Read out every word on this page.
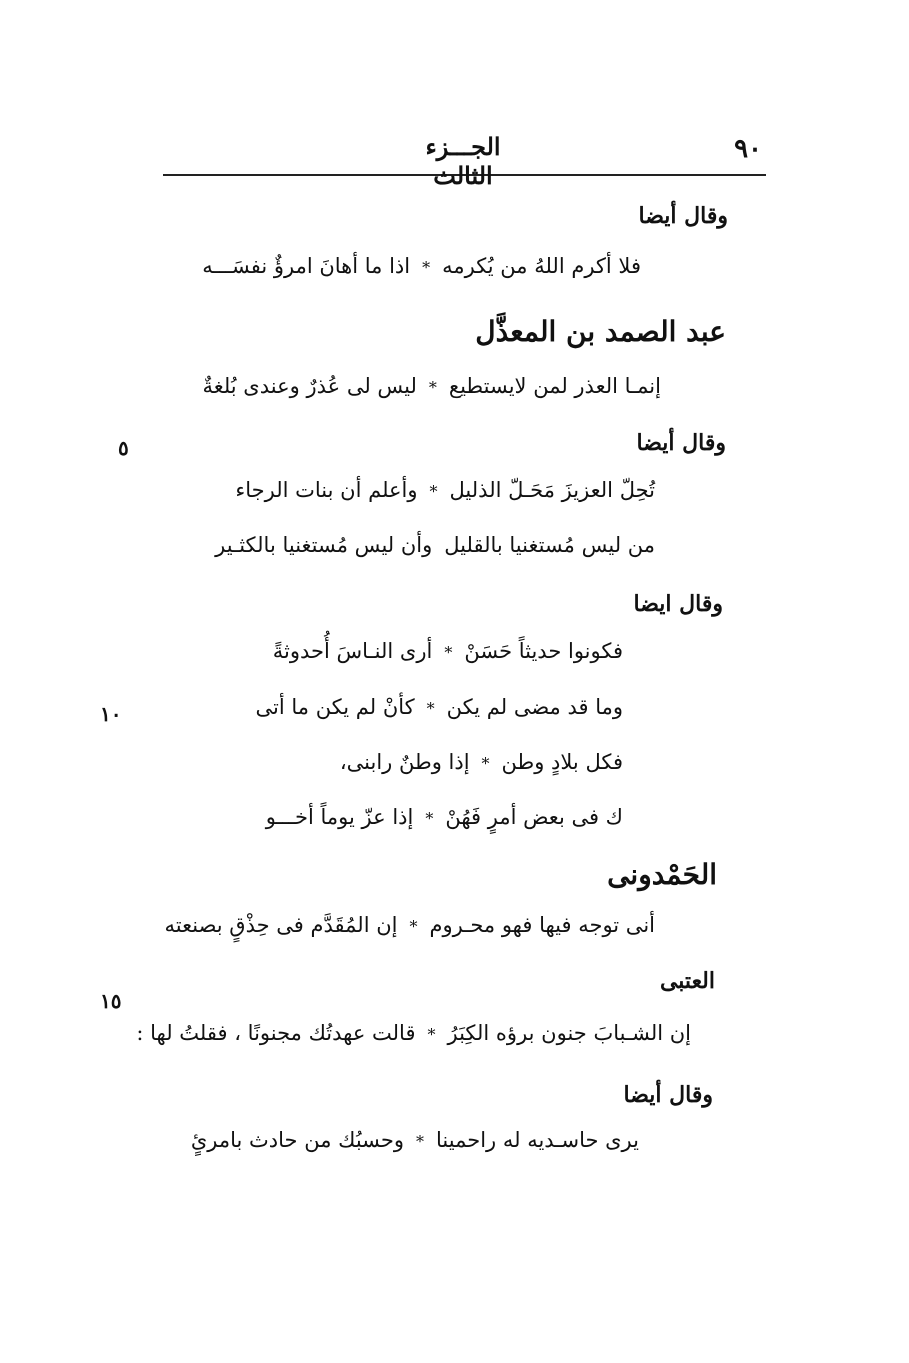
٩٠
الجـــزء الثالث
٥
١٠
١٥
وقال أيضا
اذا ما أهانَ امرؤٌ نفسَـــه * فلا أكرم اللهُ من يُكرمه
عبد الصمد بن المعذَّل
ليس لى عُذرٌ وعندى بُلغةٌ * إنمـا العذر لمن لايستطيع
وقال أيضا
وأعلم أن بنات الرجاء * تُحِلّ العزيزَ مَحَـلّ الذليل
وأن ليس مُستغنيا بالكثـير من ليس مُستغنيا بالقليل
وقال ايضا
أرى النـاسَ أُحدوثةً * فكونوا حديثاً حَسَنْ
كأنْ لم يكن ما أتى * وما قد مضى لم يكن
إذا وطنٌ رابنى، * فكل بلادٍ وطن
إذا عزّ يوماً أخـــو * ك فى بعض أمرٍ فَهُنْ
الحَمْدونى
إن المُقَدَّم فى حِذْقٍ بصنعته * أنى توجه فيها فهو محـروم
العتبى
قالت عهدتُك مجنونًا ، فقلتُ لها : * إن الشـبابَ جنون برؤه الكِبَرُ
وقال أيضا
وحسبُك من حادث بامرئٍ * يرى حاسـديه له راحمينا
